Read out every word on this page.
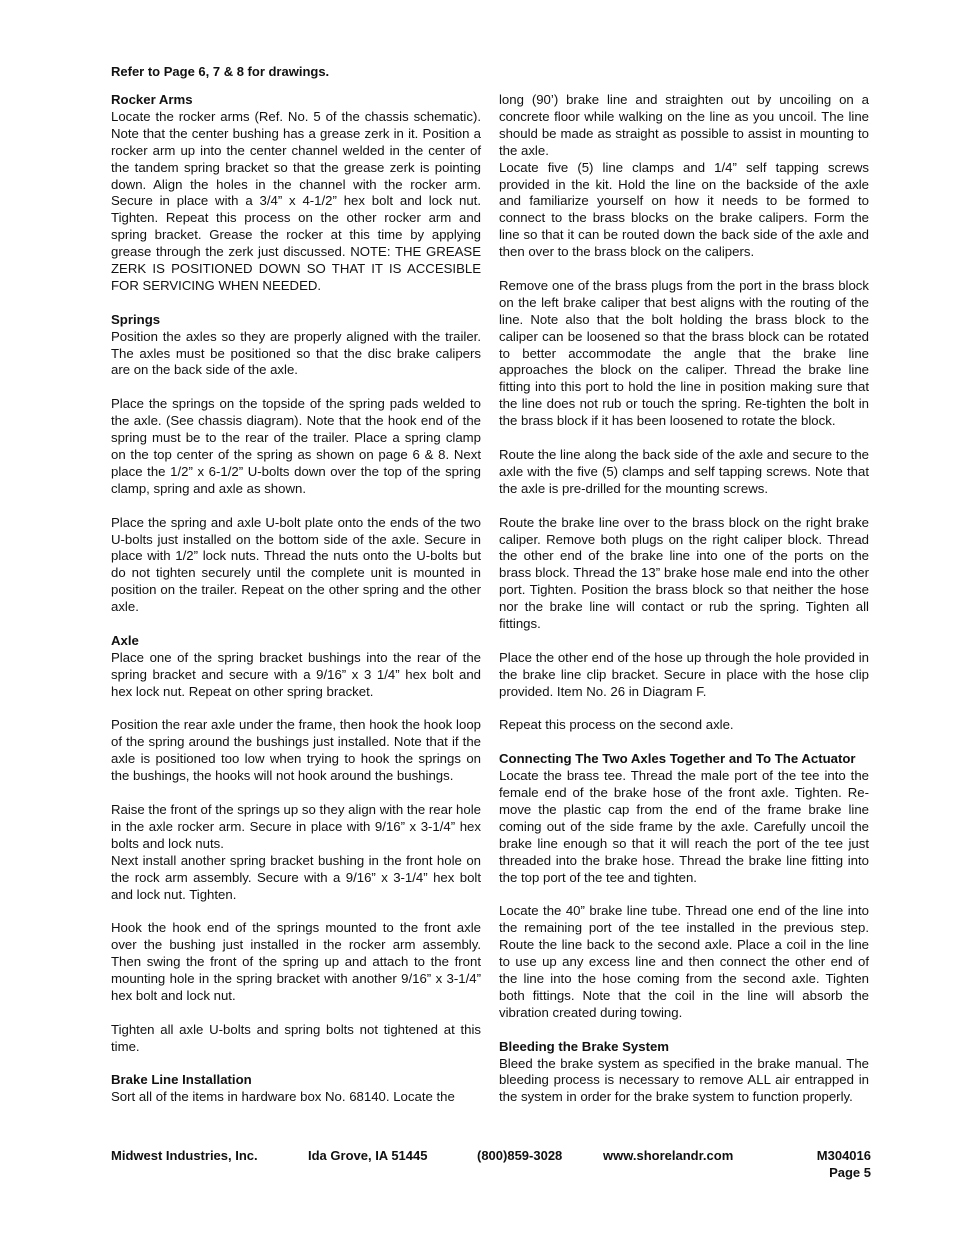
Refer to Page 6, 7 & 8 for drawings.
Rocker Arms

Locate the rocker arms (Ref. No. 5 of the chassis schematic). Note that the center bushing has a grease zerk in it. Position a rocker arm up into the center channel welded in the center of the tandem spring bracket so that the grease zerk is pointing down. Align the holes in the channel with the rocker arm. Secure in place with a 3/4” x 4-1/2” hex bolt and lock nut. Tighten. Repeat this process on the other rocker arm and spring bracket. Grease the rocker at this time by applying grease through the zerk just discussed. NOTE: THE GREASE ZERK IS POSITIONED DOWN SO THAT IT IS ACCESIBLE FOR SERVICING WHEN NEEDED.

Springs

Position the axles so they are properly aligned with the trailer. The axles must be positioned so that the disc brake calipers are on the back side of the axle.

Place the springs on the topside of the spring pads welded to the axle. (See chassis diagram). Note that the hook end of the spring must be to the rear of the trailer. Place a spring clamp on the top center of the spring as shown on page 6 & 8. Next place the 1/2” x 6-1/2” U-bolts down over the top of the spring clamp, spring and axle as shown.

Place the spring and axle U-bolt plate onto the ends of the two U-bolts just installed on the bottom side of the axle. Secure in place with 1/2” lock nuts. Thread the nuts onto the U-bolts but do not tighten securely until the complete unit is mounted in position on the trailer. Repeat on the other spring and the other axle.

Axle

Place one of the spring bracket bushings into the rear of the spring bracket and secure with a 9/16” x 3 1/4” hex bolt and hex lock nut. Repeat on other spring bracket.

Position the rear axle under the frame, then hook the hook loop of the spring around the bushings just installed. Note that if the axle is positioned too low when trying to hook the springs on the bushings, the hooks will not hook around the bushings.

Raise the front of the springs up so they align with the rear hole in the axle rocker arm. Secure in place with 9/16” x 3-1/4” hex bolts and lock nuts.

Next install another spring bracket bushing in the front hole on the rock arm assembly. Secure with a 9/16” x 3-1/4” hex bolt and lock nut. Tighten.

Hook the hook end of the springs mounted to the front axle over the bushing just installed in the rocker arm assembly. Then swing the front of the spring up and attach to the front mounting hole in the spring bracket with another 9/16” x 3-1/4” hex bolt and lock nut.

Tighten all axle U-bolts and spring bolts not tightened at this time.

Brake Line Installation

Sort all of the items in hardware box No. 68140. Locate the

long (90’) brake line and straighten out by uncoiling on a concrete floor while walking on the line as you uncoil. The line should be made as straight as possible to assist in mounting to the axle.

Locate five (5) line clamps and 1/4” self tapping screws provided in the kit. Hold the line on the backside of the axle and familiarize yourself on how it needs to be formed to connect to the brass blocks on the brake calipers. Form the line so that it can be routed down the back side of the axle and then over to the brass block on the calipers.

Remove one of the brass plugs from the port in the brass block on the left brake caliper that best aligns with the routing of the line. Note also that the bolt holding the brass block to the caliper can be loosened so that the brass block can be rotated to better accommodate the angle that the brake line approaches the block on the caliper. Thread the brake line fitting into this port to hold the line in position making sure that the line does not rub or touch the spring. Re-tighten the bolt in the brass block if it has been loosened to rotate the block.

Route the line along the back side of the axle and secure to the axle with the five (5) clamps and self tapping screws. Note that the axle is pre-drilled for the mounting screws.

Route the brake line over to the brass block on the right brake caliper. Remove both plugs on the right caliper block. Thread the other end of the brake line into one of the ports on the brass block. Thread the 13” brake hose male end into the other port. Tighten. Position the brass block so that neither the hose nor the brake line will contact or rub the spring. Tighten all fittings.

Place the other end of the hose up through the hole provided in the brake line clip bracket. Secure in place with the hose clip provided. Item No. 26 in Diagram F.

Repeat this process on the second axle.

Connecting The Two Axles Together and To The Actuator

Locate the brass tee. Thread the male port of the tee into the female end of the brake hose of the front axle. Tighten. Re-move the plastic cap from the end of the frame brake line coming out of the side frame by the axle. Carefully uncoil the brake line enough so that it will reach the port of the tee just threaded into the brake hose. Thread the brake line fitting into the top port of the tee and tighten.

Locate the 40” brake line tube. Thread one end of the line into the remaining port of the tee installed in the previous step. Route the line back to the second axle. Place a coil in the line to use up any excess line and then connect the other end of the line into the hose coming from the second axle. Tighten both fittings. Note that the coil in the line will absorb the vibration created during towing.

Bleeding the Brake System

Bleed the brake system as specified in the brake manual. The bleeding process is necessary to remove ALL air entrapped in the system in order for the brake system to function properly.

Midwest Industries, Inc.	Ida Grove, IA 51445	(800)859-3028	www.shorelandr.com	M304016
Page 5
